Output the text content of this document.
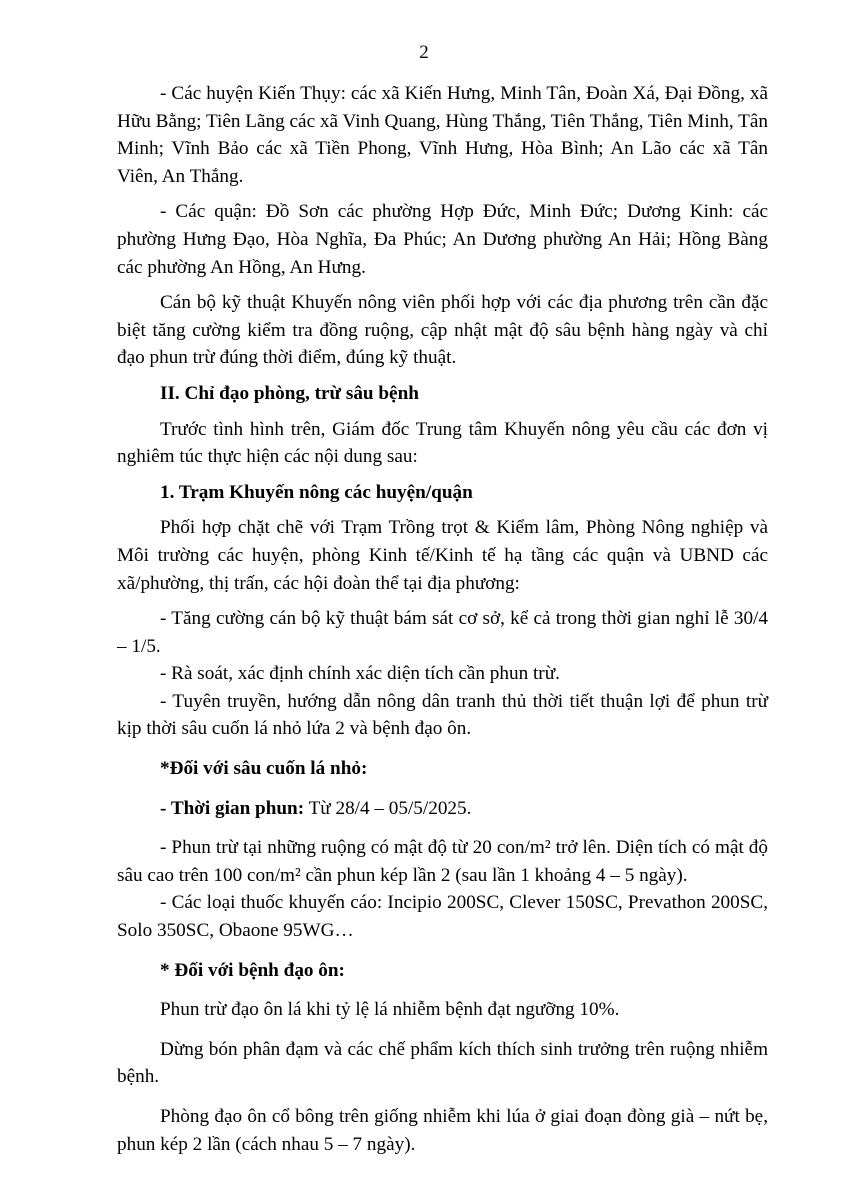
2

- Các huyện Kiến Thụy: các xã Kiến Hưng, Minh Tân, Đoàn Xá, Đại Đồng, xã Hữu Bằng; Tiên Lãng các xã Vinh Quang, Hùng Thắng, Tiên Thắng, Tiên Minh, Tân Minh; Vĩnh Bảo các xã Tiền Phong, Vĩnh Hưng, Hòa Bình; An Lão các xã Tân Viên, An Thắng.

- Các quận: Đồ Sơn các phường Hợp Đức, Minh Đức; Dương Kinh: các phường Hưng Đạo, Hòa Nghĩa, Đa Phúc; An Dương phường An Hải; Hồng Bàng các phường An Hồng, An Hưng.

Cán bộ kỹ thuật Khuyến nông viên phối hợp với các địa phương trên cần đặc biệt tăng cường kiểm tra đồng ruộng, cập nhật mật độ sâu bệnh hàng ngày và chỉ đạo phun trừ đúng thời điểm, đúng kỹ thuật.

II. Chỉ đạo phòng, trừ sâu bệnh

Trước tình hình trên, Giám đốc Trung tâm Khuyến nông yêu cầu các đơn vị nghiêm túc thực hiện các nội dung sau:

1. Trạm Khuyến nông các huyện/quận

Phối hợp chặt chẽ với Trạm Trồng trọt & Kiểm lâm, Phòng Nông nghiệp và Môi trường các huyện, phòng Kinh tế/Kinh tế hạ tầng các quận và UBND các xã/phường, thị trấn, các hội đoàn thể tại địa phương:

- Tăng cường cán bộ kỹ thuật bám sát cơ sở, kể cả trong thời gian nghỉ lễ 30/4 – 1/5.

- Rà soát, xác định chính xác diện tích cần phun trừ.

- Tuyên truyền, hướng dẫn nông dân tranh thủ thời tiết thuận lợi để phun trừ kịp thời sâu cuốn lá nhỏ lứa 2 và bệnh đạo ôn.

*Đối với sâu cuốn lá nhỏ:

- Thời gian phun: Từ 28/4 – 05/5/2025.

- Phun trừ tại những ruộng có mật độ từ 20 con/m² trở lên. Diện tích có mật độ sâu cao trên 100 con/m² cần phun kép lần 2 (sau lần 1 khoảng 4 – 5 ngày).

- Các loại thuốc khuyến cáo: Incipio 200SC, Clever 150SC, Prevathon 200SC, Solo 350SC, Obaone 95WG…

* Đối với bệnh đạo ôn:

Phun trừ đạo ôn lá khi tỷ lệ lá nhiễm bệnh đạt ngưỡng 10%.

Dừng bón phân đạm và các chế phẩm kích thích sinh trưởng trên ruộng nhiễm bệnh.

Phòng đạo ôn cổ bông trên giống nhiễm khi lúa ở giai đoạn đòng già – nứt bẹ, phun kép 2 lần (cách nhau 5 – 7 ngày).
